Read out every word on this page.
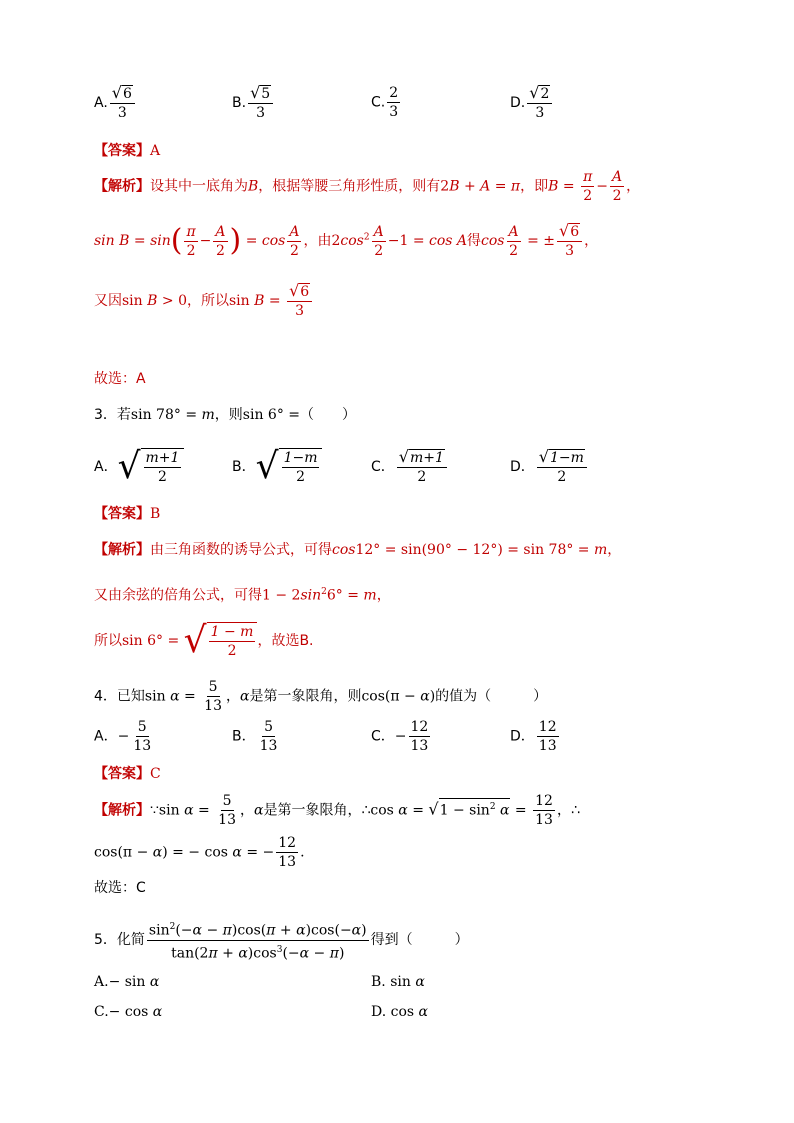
A. $\frac{√6}{3}$	B. $\frac{√5}{3}$	C. $\frac{2}{3}$	D. $\frac{√2}{3}$
【答案】A
【解析】设其中一底角为B，根据等腰三角形性质，则有2B + A = π，即$B = \frac{\pi}{2} - \frac{A}{2}$ ，
$\sin B = \sin( \frac{\pi}{2} - \frac{A}{2}$ ) = $\cos \frac{A}{2}$ ，由$2\cos^2 \frac{A}{2} -1 = \cos A$得$\cos \frac{A}{2}$ = ± $\frac{√6}{3}$ ，
又因sin B > 0，所以$\sin B = \frac{√6}{3}$
故选：A
3．若sin 78° = m，则sin 6° =（　　）
A．√ $\frac{m+1}{2}$	B．√ $\frac{1-m}{2}$	C． $\frac{√m+1}{2}$	D． $\frac{√1-m}{2}$
【答案】B
【解析】由三角函数的诱导公式，可得cos12° = sin(90° − 12°) = sin 78° = m，
又由余弦的倍角公式，可得$1 - 2\sin^26^\circ = m$，
所以sin 6° = √ $\frac{1 - m}{2}$ ，故选B.
4．已知$\sin \alpha = \frac{5}{13}$ ，α是第一象限角，则cos(π − α)的值为（　　　）
A．− $\frac{5}{13}$	B． $\frac{5}{13}$	C．− $\frac{12}{13}$	D． $\frac{12}{13}$
【答案】C
【解析】∵sin $\alpha = \frac{5}{13}$ ，α是第一象限角，∴cos $\alpha = √1 - \sin^2 \alpha = \frac{12}{13}$ ，∴
cos(π − α) = − cos α = − $\frac{12}{13}$ .
故选：C
5．化简 $\frac{\sin^2(-\alpha - \pi)\cos(\pi + \alpha)\cos(-\alpha)}{\tan(2\pi + \alpha)\cos^3(-\alpha - \pi)}$ 得到（　　　）
A.− sin α	B. sin α
C.− cos α	D. cos α
